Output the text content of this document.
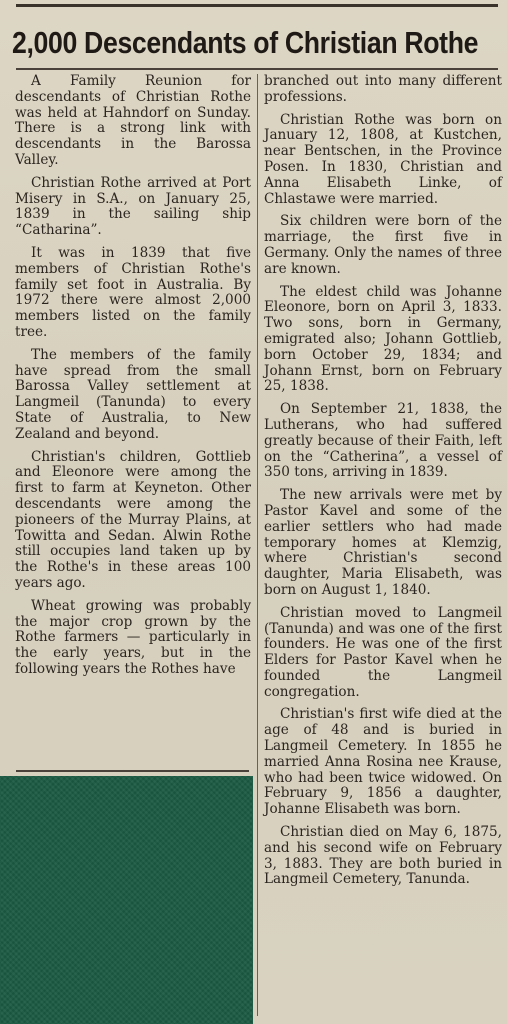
2,000 Descendants of Christian Rothe

A Family Reunion for descendants of Christian Rothe was held at Hahndorf on Sunday. There is a strong link with descendants in the Barossa Valley.

Christian Rothe arrived at Port Misery in S.A., on January 25, 1839 in the sailing ship “Catharina”.

It was in 1839 that five members of Christian Rothe's family set foot in Australia. By 1972 there were almost 2,000 members listed on the family tree.

The members of the family have spread from the small Barossa Valley settlement at Langmeil (Tanunda) to every State of Australia, to New Zealand and beyond.

Christian's children, Gottlieb and Eleonore were among the first to farm at Keyneton. Other descendants were among the pioneers of the Murray Plains, at Towitta and Sedan. Alwin Rothe still occupies land taken up by the Rothe's in these areas 100 years ago.

Wheat growing was probably the major crop grown by the Rothe farmers — particularly in the early years, but in the following years the Rothes have

branched out into many different professions.

Christian Rothe was born on January 12, 1808, at Kustchen, near Bentschen, in the Province Posen. In 1830, Christian and Anna Elisabeth Linke, of Chlastawe were married.

Six children were born of the marriage, the first five in Germany. Only the names of three are known.

The eldest child was Johanne Eleonore, born on April 3, 1833. Two sons, born in Germany, emigrated also; Johann Gottlieb, born October 29, 1834; and Johann Ernst, born on February 25, 1838.

On September 21, 1838, the Lutherans, who had suffered greatly because of their Faith, left on the “Catherina”, a vessel of 350 tons, arriving in 1839.

The new arrivals were met by Pastor Kavel and some of the earlier settlers who had made temporary homes at Klemzig, where Christian's second daughter, Maria Elisabeth, was born on August 1, 1840.

Christian moved to Langmeil (Tanunda) and was one of the first founders. He was one of the first Elders for Pastor Kavel when he founded the Langmeil congregation.

Christian's first wife died at the age of 48 and is buried in Langmeil Cemetery. In 1855 he married Anna Rosina nee Krause, who had been twice widowed. On February 9, 1856 a daughter, Johanne Elisabeth was born.

Christian died on May 6, 1875, and his second wife on February 3, 1883. They are both buried in Langmeil Cemetery, Tanunda.
